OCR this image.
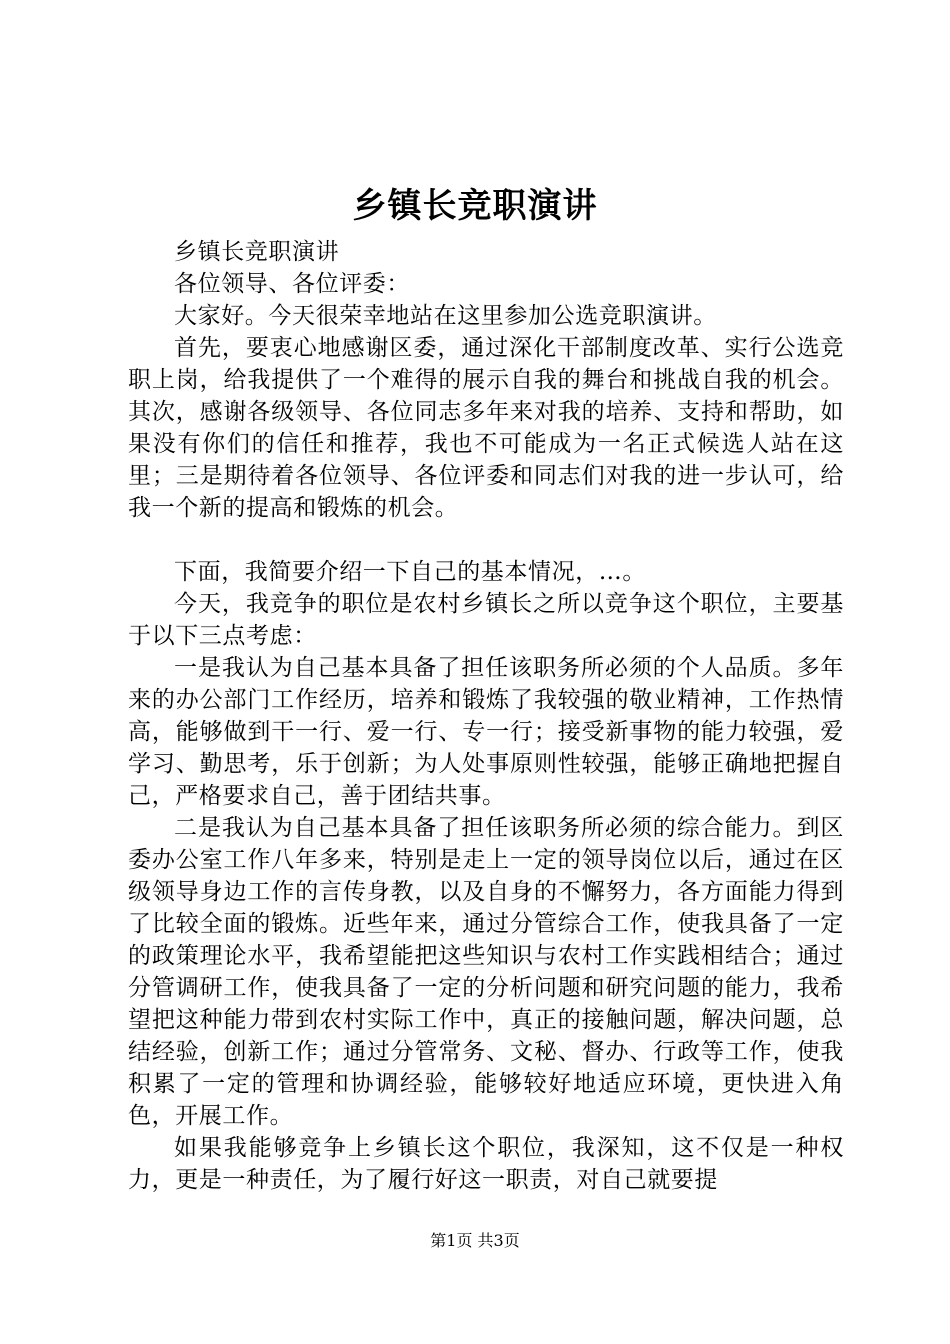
乡镇长竞职演讲

乡镇长竞职演讲

各位领导、各位评委：

大家好。今天很荣幸地站在这里参加公选竞职演讲。

首先，要衷心地感谢区委，通过深化干部制度改革、实行公选竞职上岗，给我提供了一个难得的展示自我的舞台和挑战自我的机会。其次，感谢各级领导、各位同志多年来对我的培养、支持和帮助，如果没有你们的信任和推荐，我也不可能成为一名正式候选人站在这里；三是期待着各位领导、各位评委和同志们对我的进一步认可，给我一个新的提高和锻炼的机会。

下面，我简要介绍一下自己的基本情况，…。

今天，我竞争的职位是农村乡镇长之所以竞争这个职位，主要基于以下三点考虑：

一是我认为自己基本具备了担任该职务所必须的个人品质。多年来的办公部门工作经历，培养和锻炼了我较强的敬业精神，工作热情高，能够做到干一行、爱一行、专一行；接受新事物的能力较强，爱学习、勤思考，乐于创新；为人处事原则性较强，能够正确地把握自己，严格要求自己，善于团结共事。

二是我认为自己基本具备了担任该职务所必须的综合能力。到区委办公室工作八年多来，特别是走上一定的领导岗位以后，通过在区级领导身边工作的言传身教，以及自身的不懈努力，各方面能力得到了比较全面的锻炼。近些年来，通过分管综合工作，使我具备了一定的政策理论水平，我希望能把这些知识与农村工作实践相结合；通过分管调研工作，使我具备了一定的分析问题和研究问题的能力，我希望把这种能力带到农村实际工作中，真正的接触问题，解决问题，总结经验，创新工作；通过分管常务、文秘、督办、行政等工作，使我积累了一定的管理和协调经验，能够较好地适应环境，更快进入角色，开展工作。

如果我能够竞争上乡镇长这个职位，我深知，这不仅是一种权力，更是一种责任，为了履行好这一职责，对自己就要提

第1页 共3页
